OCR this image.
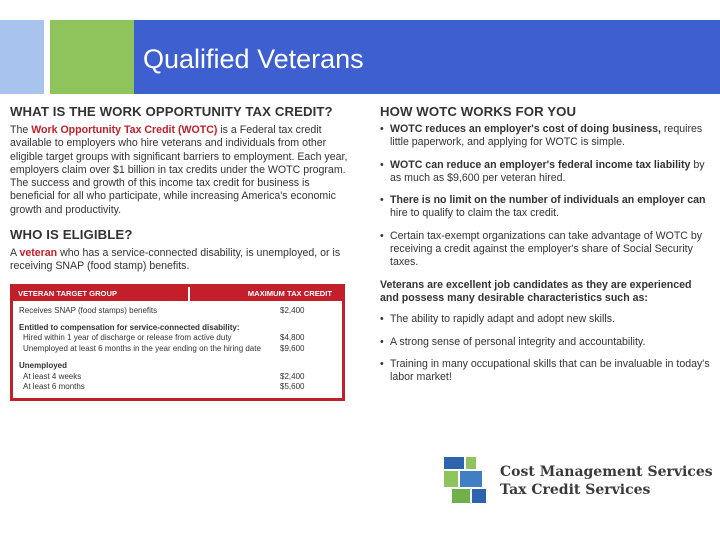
Qualified Veterans
WHAT IS THE WORK OPPORTUNITY TAX CREDIT?
The Work Opportunity Tax Credit (WOTC) is a Federal tax credit available to employers who hire veterans and individuals from other eligible target groups with significant barriers to employment. Each year, employers claim over $1 billion in tax credits under the WOTC program. The success and growth of this income tax credit for business is beneficial for all who participate, while increasing America's economic growth and productivity.
WHO IS ELIGIBLE?
A veteran who has a service-connected disability, is unemployed, or is receiving SNAP (food stamp) benefits.
VETERAN TARGET GROUP	MAXIMUM TAX CREDIT
Receives SNAP (food stamps) benefits	$2,400
Entitled to compensation for service-connected disability:
Hired within 1 year of discharge or release from active duty	$4,800
Unemployed at least 6 months in the year ending on the hiring date	$9,600
Unemployed
At least 4 weeks	$2,400
At least 6 months	$5,600
HOW WOTC WORKS FOR YOU
• WOTC reduces an employer's cost of doing business, requires little paperwork, and applying for WOTC is simple.
• WOTC can reduce an employer's federal income tax liability by as much as $9,600 per veteran hired.
• There is no limit on the number of individuals an employer can hire to qualify to claim the tax credit.
• Certain tax-exempt organizations can take advantage of WOTC by receiving a credit against the employer's share of Social Security taxes.
Veterans are excellent job candidates as they are experienced and possess many desirable characteristics such as:
• The ability to rapidly adapt and adopt new skills.
• A strong sense of personal integrity and accountability.
• Training in many occupational skills that can be invaluable in today's labor market!
Cost Management Services
Tax Credit Services
